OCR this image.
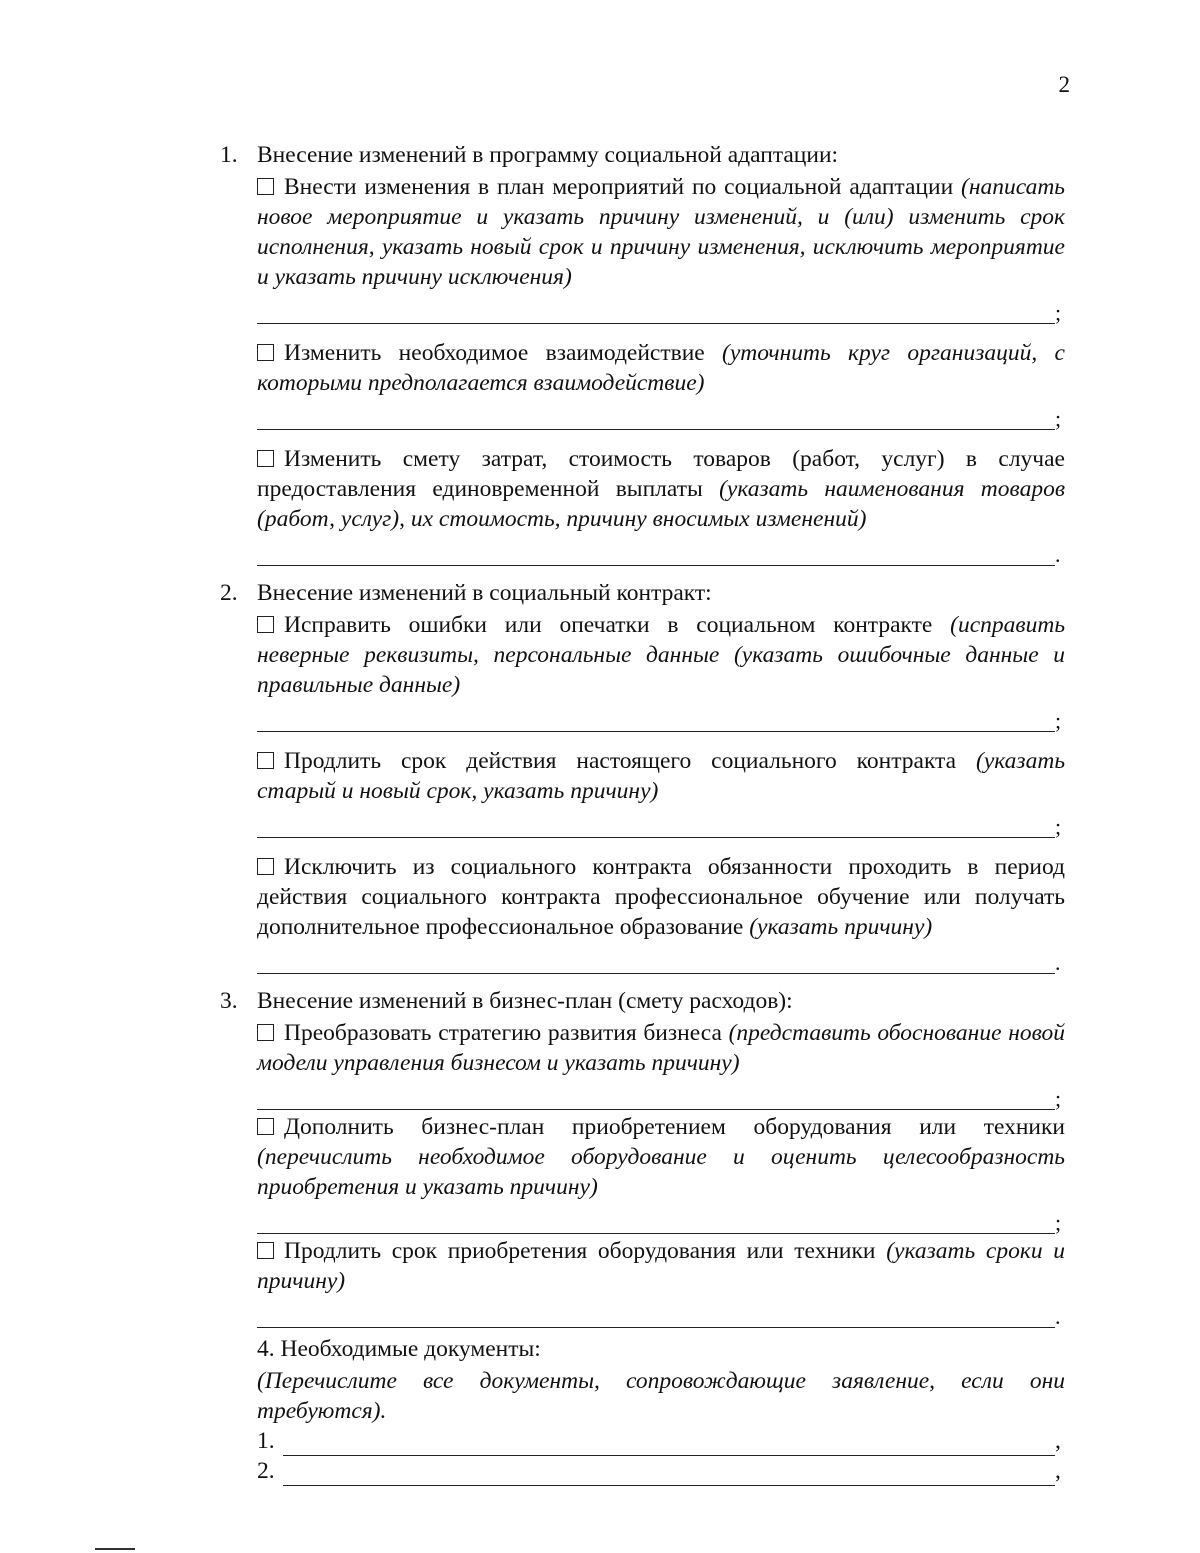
2
1. Внесение изменений в программу социальной адаптации:
Внести изменения в план мероприятий по социальной адаптации (написать новое мероприятие и указать причину изменений, и (или) изменить срок исполнения, указать новый срок и причину изменения, исключить мероприятие и указать причину исключения)
;
Изменить необходимое взаимодействие (уточнить круг организаций, с которыми предполагается взаимодействие)
;
Изменить смету затрат, стоимость товаров (работ, услуг) в случае предоставления единовременной выплаты (указать наименования товаров (работ, услуг), их стоимость, причину вносимых изменений)
.
2. Внесение изменений в социальный контракт:
Исправить ошибки или опечатки в социальном контракте (исправить неверные реквизиты, персональные данные (указать ошибочные данные и правильные данные)
;
Продлить срок действия настоящего социального контракта (указать старый и новый срок, указать причину)
;
Исключить из социального контракта обязанности проходить в период действия социального контракта профессиональное обучение или получать дополнительное профессиональное образование (указать причину)
.
3. Внесение изменений в бизнес-план (смету расходов):
Преобразовать стратегию развития бизнеса (представить обоснование новой модели управления бизнесом и указать причину)
;
Дополнить бизнес-план приобретением оборудования или техники (перечислить необходимое оборудование и оценить целесообразность приобретения и указать причину)
;
Продлить срок приобретения оборудования или техники (указать сроки и причину)
.
4. Необходимые документы:
(Перечислите все документы, сопровождающие заявление, если они требуются).
1.	,
2.	,
